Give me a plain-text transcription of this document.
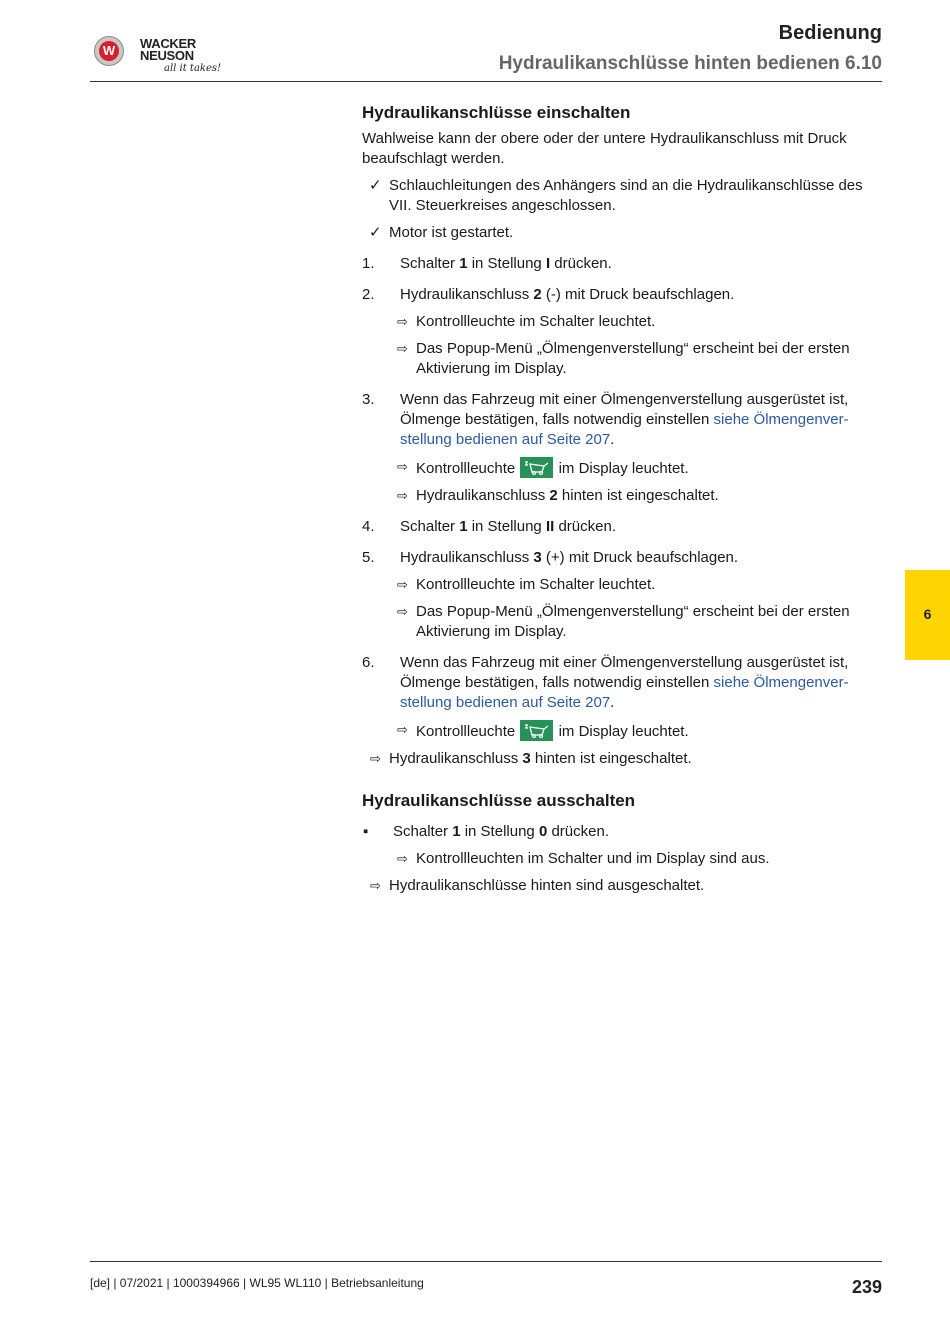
W WACKER
NEUSON
all it takes!
Bedienung
Hydraulikanschlüsse hinten bedienen 6.10
6
Hydraulikanschlüsse einschalten

Wahlweise kann der obere oder der untere Hydraulikanschluss mit Druck beaufschlagt werden.

✓ Schlauchleitungen des Anhängers sind an die Hydraulikanschlüsse des VII. Steuerkreises angeschlossen.
✓ Motor ist gestartet.
1. Schalter 1 in Stellung I drücken.
2. Hydraulikanschluss 2 (-) mit Druck beaufschlagen.
⇨ Kontrollleuchte im Schalter leuchtet.
⇨ Das Popup-Menü „Ölmengenverstellung“ erscheint bei der ersten Aktivierung im Display.
3. Wenn das Fahrzeug mit einer Ölmengenverstellung ausgerüstet ist, Ölmenge bestätigen, falls notwendig einstellen siehe Ölmengenver-stellung bedienen auf Seite 207.
⇨ Kontrollleuchte
im Display leuchtet.
⇨ Hydraulikanschluss 2 hinten ist eingeschaltet.
4. Schalter 1 in Stellung II drücken.
5. Hydraulikanschluss 3 (+) mit Druck beaufschlagen.
⇨ Kontrollleuchte im Schalter leuchtet.
⇨ Das Popup-Menü „Ölmengenverstellung“ erscheint bei der ersten Aktivierung im Display.
6. Wenn das Fahrzeug mit einer Ölmengenverstellung ausgerüstet ist, Ölmenge bestätigen, falls notwendig einstellen siehe Ölmengenver-stellung bedienen auf Seite 207.
⇨ Kontrollleuchte
im Display leuchtet.
⇨ Hydraulikanschluss 3 hinten ist eingeschaltet.
Hydraulikanschlüsse ausschalten
▪ Schalter 1 in Stellung 0 drücken.
⇨ Kontrollleuchten im Schalter und im Display sind aus.
⇨ Hydraulikanschlüsse hinten sind ausgeschaltet.
[de] | 07/2021 | 1000394966 | WL95 WL110 | Betriebsanleitung	239
